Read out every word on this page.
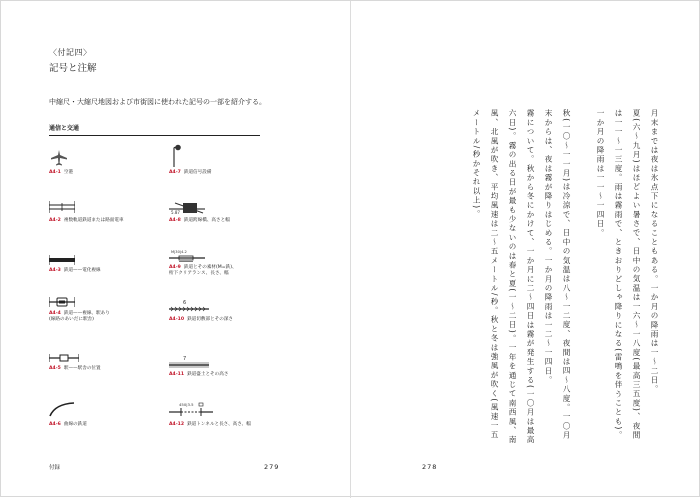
〈付記四〉
記号と注解
中縮尺・大縮尺地図および市街図に使われた記号の一部を紹介する。
通信と交通
A4-1 空港	A4-7 鉄道信号設備
A4-2 複数軌道鉄道または路面電車
5.87
A4-8 鉄道跨線橋、高さと幅
A4-3 鉄道——電化複線
M|30|4.2
A4-9 鉄道とその素材(M=鉄)、
桁下クリアランス、長さ、幅
A4-4 鉄道——複線、駅あり
(線路のあいだに駅舎)
6
A4-10 鉄道切敷部とその深さ
A4-5 駅——駅舎の位置
7
A4-11 鉄道盛土とその高さ
A4-6 曲線の鉄道
450|3.5
A4-12 鉄道トンネルと長さ、高さ、幅
付録	279
月末までは夜は氷点下になることもある。一か月の降雨は一～二日。
夏(六～九月)はほどよい暑さで、日中の気温は一六～一八度(最高三五度)、夜間
は一一～一三度。雨は霧雨で、ときおりどしゃ降りになる(雷鳴を伴うことも)。
一か月の降雨は一一～一四日。
秋(一〇～一一月)は冷涼で、日中の気温は八～一二度、夜間は四～八度。一〇月
末からは、夜は霧が降りはじめる。一か月の降雨は一二～一四日。
霧について。秋から冬にかけて、一か月に二～四日は霧が発生する(一〇月は最高
六日)。霧の出る日が最も少ないのは春と夏(一～二日)。一年を通じて南西風、南
風、北風が吹き、平均風速は二～五メートル/秒。秋と冬は強風が吹く(風速一五
メートル/秒かそれ以上)。
278
